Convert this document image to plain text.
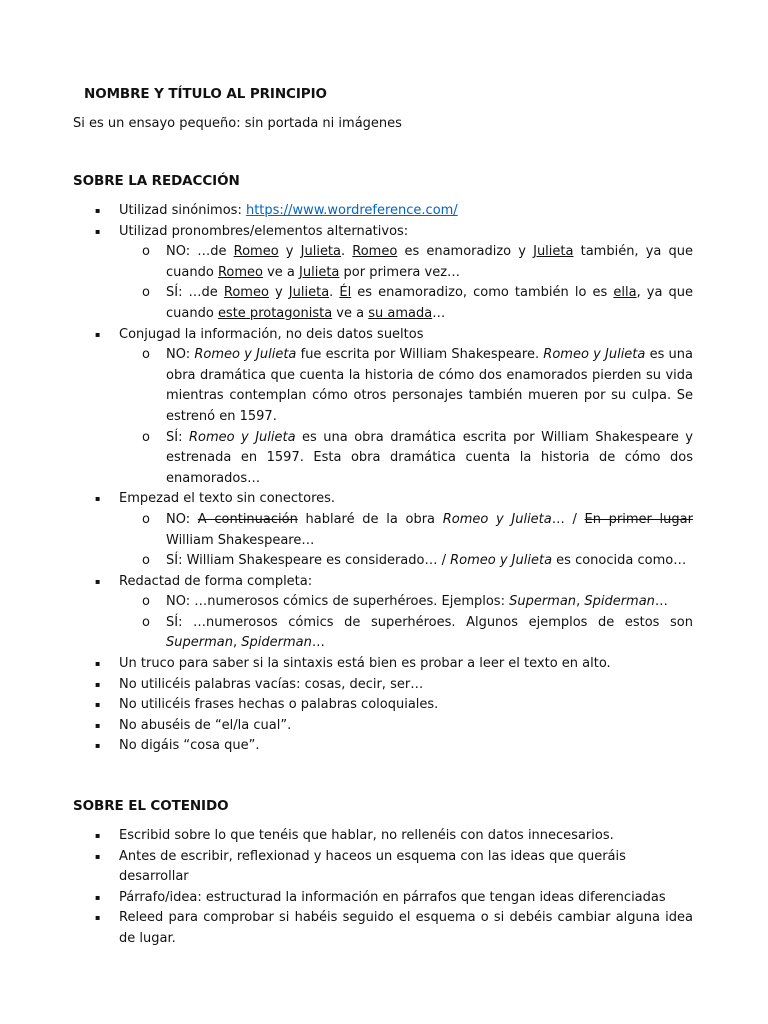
NOMBRE Y TÍTULO AL PRINCIPIO
Si es un ensayo pequeño: sin portada ni imágenes
SOBRE LA REDACCIÓN
▪ Utilizad sinónimos: https://www.wordreference.com/
▪ Utilizad pronombres/elementos alternativos:
o NO: …de Romeo y Julieta. Romeo es enamoradizo y Julieta también, ya que cuando Romeo ve a Julieta por primera vez…
o SÍ: …de Romeo y Julieta. Él es enamoradizo, como también lo es ella, ya que cuando este protagonista ve a su amada…
▪ Conjugad la información, no deis datos sueltos
o NO: Romeo y Julieta fue escrita por William Shakespeare. Romeo y Julieta es una obra dramática que cuenta la historia de cómo dos enamorados pierden su vida mientras contemplan cómo otros personajes también mueren por su culpa. Se estrenó en 1597.
o SÍ: Romeo y Julieta es una obra dramática escrita por William Shakespeare y estrenada en 1597. Esta obra dramática cuenta la historia de cómo dos enamorados…
▪ Empezad el texto sin conectores.
o NO: A continuación hablaré de la obra Romeo y Julieta… / En primer lugar William Shakespeare…
o SÍ: William Shakespeare es considerado… / Romeo y Julieta es conocida como…
▪ Redactad de forma completa:
o NO: …numerosos cómics de superhéroes. Ejemplos: Superman, Spiderman…
o SÍ: …numerosos cómics de superhéroes. Algunos ejemplos de estos son Superman, Spiderman…
▪ Un truco para saber si la sintaxis está bien es probar a leer el texto en alto.
▪ No utilicéis palabras vacías: cosas, decir, ser…
▪ No utilicéis frases hechas o palabras coloquiales.
▪ No abuséis de “el/la cual”.
▪ No digáis “cosa que”.
SOBRE EL COTENIDO
▪ Escribid sobre lo que tenéis que hablar, no rellenéis con datos innecesarios.
▪ Antes de escribir, reflexionad y haceos un esquema con las ideas que queráis desarrollar
▪ Párrafo/idea: estructurad la información en párrafos que tengan ideas diferenciadas
▪ Releed para comprobar si habéis seguido el esquema o si debéis cambiar alguna idea de lugar.
